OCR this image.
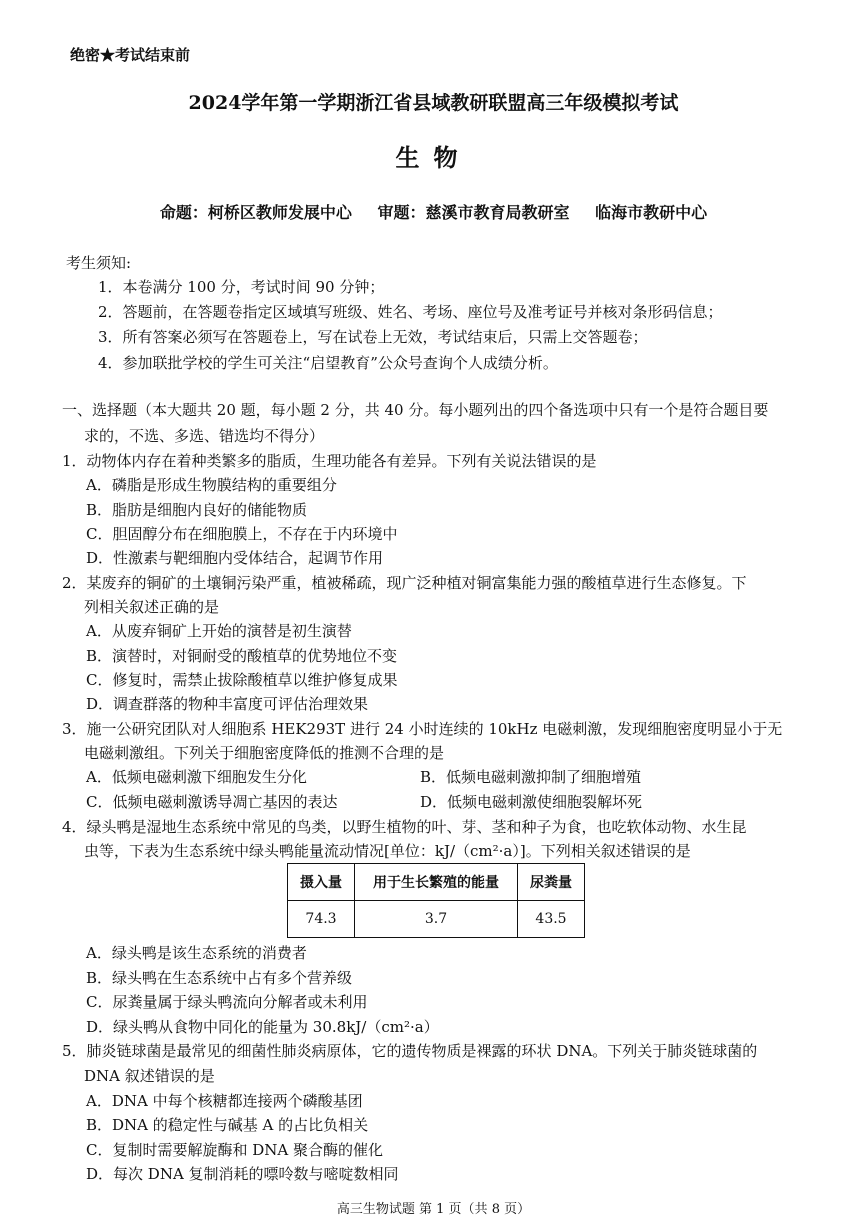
绝密★考试结束前
2024学年第一学期浙江省县域教研联盟高三年级模拟考试
生物
命题：柯桥区教师发展中心 审题：慈溪市教育局教研室 临海市教研中心
考生须知:
1．本卷满分 100 分，考试时间 90 分钟；
2．答题前，在答题卷指定区域填写班级、姓名、考场、座位号及准考证号并核对条形码信息；
3．所有答案必须写在答题卷上，写在试卷上无效，考试结束后，只需上交答题卷；
4．参加联批学校的学生可关注“启望教育”公众号查询个人成绩分析。
一、选择题（本大题共 20 题，每小题 2 分，共 40 分。每小题列出的四个备选项中只有一个是符合题目要
求的，不选、多选、错选均不得分）
1．动物体内存在着种类繁多的脂质，生理功能各有差异。下列有关说法错误的是
A．磷脂是形成生物膜结构的重要组分
B．脂肪是细胞内良好的储能物质
C．胆固醇分布在细胞膜上，不存在于内环境中
D．性激素与靶细胞内受体结合，起调节作用
2．某废弃的铜矿的土壤铜污染严重，植被稀疏，现广泛种植对铜富集能力强的酸植草进行生态修复。下
列相关叙述正确的是
A．从废弃铜矿上开始的演替是初生演替
B．演替时，对铜耐受的酸植草的优势地位不变
C．修复时，需禁止拔除酸植草以维护修复成果
D．调查群落的物种丰富度可评估治理效果
3．施一公研究团队对人细胞系 HEK293T 进行 24 小时连续的 10kHz 电磁刺激，发现细胞密度明显小于无
电磁刺激组。下列关于细胞密度降低的推测不合理的是
A．低频电磁刺激下细胞发生分化	B．低频电磁刺激抑制了细胞增殖
C．低频电磁刺激诱导凋亡基因的表达	D．低频电磁刺激使细胞裂解坏死
4．绿头鸭是湿地生态系统中常见的鸟类，以野生植物的叶、芽、茎和种子为食，也吃软体动物、水生昆
虫等，下表为生态系统中绿头鸭能量流动情况[单位：kJ/（cm²·a）]。下列相关叙述错误的是
摄入量	用于生长繁殖的能量	尿粪量
74.3	3.7	43.5
A．绿头鸭是该生态系统的消费者
B．绿头鸭在生态系统中占有多个营养级
C．尿粪量属于绿头鸭流向分解者或未利用
D．绿头鸭从食物中同化的能量为 30.8kJ/（cm²·a）
5．肺炎链球菌是最常见的细菌性肺炎病原体，它的遗传物质是裸露的环状 DNA。下列关于肺炎链球菌的
DNA 叙述错误的是
A．DNA 中每个核糖都连接两个磷酸基团
B．DNA 的稳定性与碱基 A 的占比负相关
C．复制时需要解旋酶和 DNA 聚合酶的催化
D．每次 DNA 复制消耗的嘌呤数与嘧啶数相同
高三生物试题 第 1 页（共 8 页）
